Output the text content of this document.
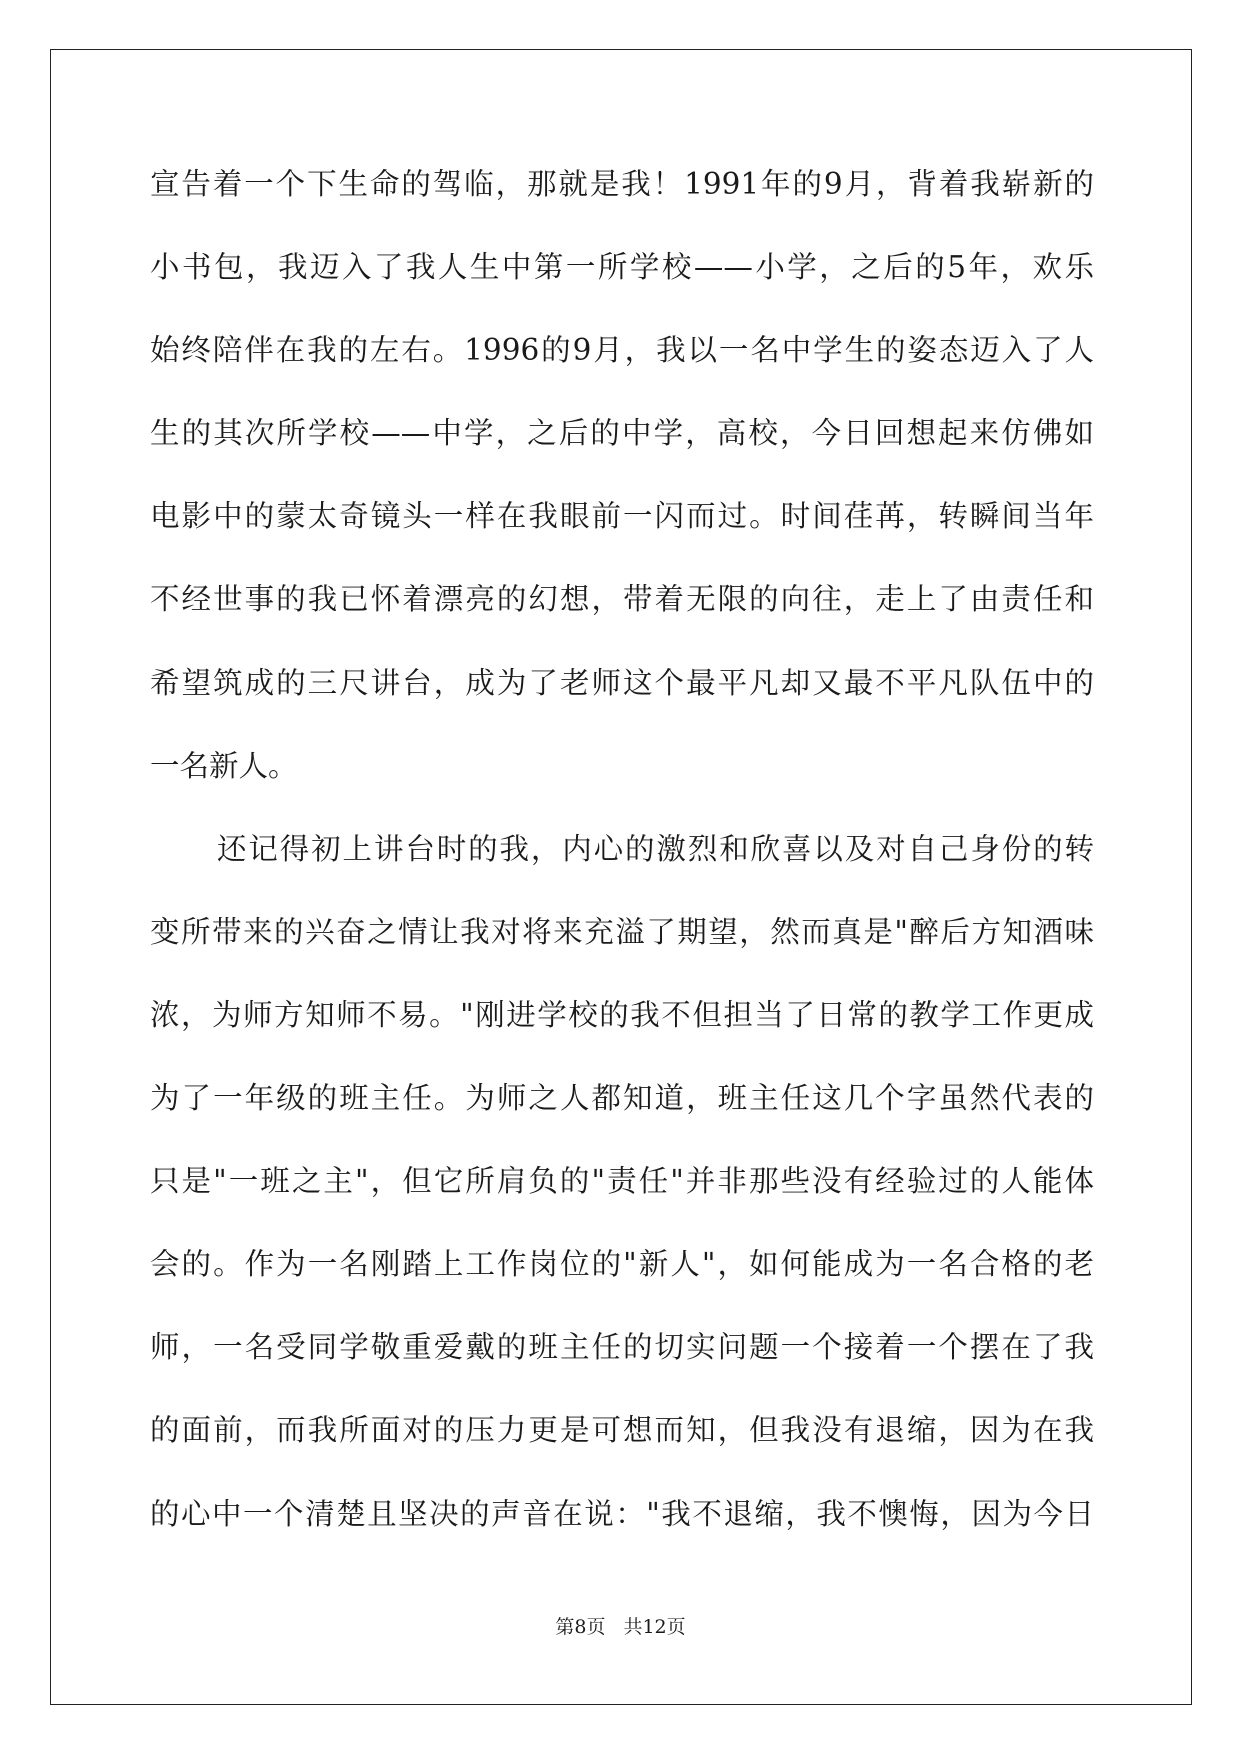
宣告着一个下生命的驾临，那就是我！1991年的9月，背着我崭新的
小书包，我迈入了我人生中第一所学校——小学，之后的5年，欢乐
始终陪伴在我的左右。1996的9月，我以一名中学生的姿态迈入了人
生的其次所学校——中学，之后的中学，高校，今日回想起来仿佛如
电影中的蒙太奇镜头一样在我眼前一闪而过。时间荏苒，转瞬间当年
不经世事的我已怀着漂亮的幻想，带着无限的向往，走上了由责任和
希望筑成的三尺讲台，成为了老师这个最平凡却又最不平凡队伍中的
一名新人。
还记得初上讲台时的我，内心的激烈和欣喜以及对自己身份的转
变所带来的兴奋之情让我对将来充溢了期望，然而真是"醉后方知酒味
浓，为师方知师不易。"刚进学校的我不但担当了日常的教学工作更成
为了一年级的班主任。为师之人都知道，班主任这几个字虽然代表的
只是"一班之主"，但它所肩负的"责任"并非那些没有经验过的人能体
会的。作为一名刚踏上工作岗位的"新人"，如何能成为一名合格的老
师，一名受同学敬重爱戴的班主任的切实问题一个接着一个摆在了我
的面前，而我所面对的压力更是可想而知，但我没有退缩，因为在我
的心中一个清楚且坚决的声音在说："我不退缩，我不懊悔，因为今日
第8页 共12页
